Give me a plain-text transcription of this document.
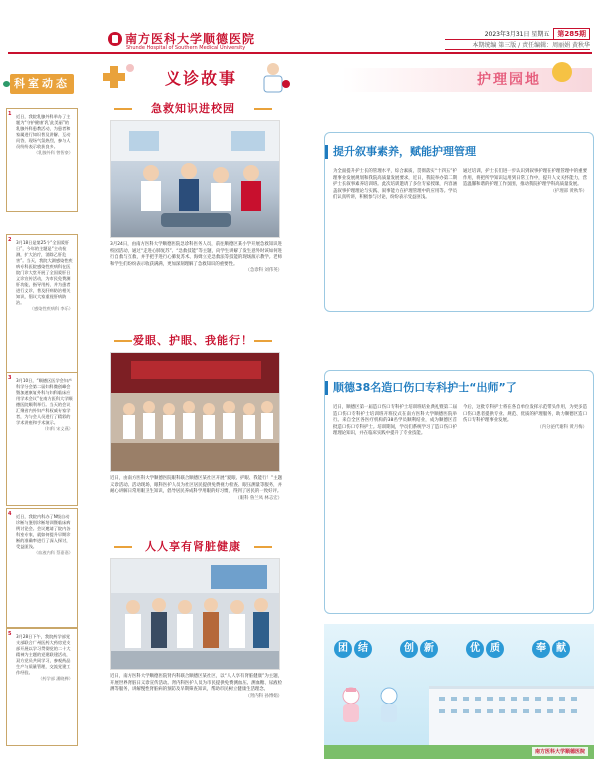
南方医科大学顺德医院
Shunde Hospital of Southern Medical University
2023年3月31日 星期五	第285期
本期统编 第三版 / 责任编辑：周丽娟 黄秋华
科室动态
1 近日，我院乳腺外科举办了主题为“守护健康‘乳’此美丽”的乳腺外科患教活动，为患者和家属进行知识普及讲解、互动问答，现场气氛热烈，参与人员纷纷表示收获良多。
（乳腺外科 曾智豪）
2 3月18日是第25个“全国爱肝日”，今年的主题是“主动检测，扩大治疗，消除乙肝危害”。当天，我院大湖感染性疾病专科医院感染性疾病科在医院门诊大堂开展了全国爱肝日义诊宣传活动，为市民免费测肝功能，指导用药，并为患者进行义诊，普及肝病防治相关知识，倡议大家重视肝病防治。
（感染性疾病科 李乐）
3 3月10日，“顺德区医学会妇产科学分会第二届妇科微创峰会暨加速康复外科与妇科临床应用学术会议”在南方医科大学顺德医院顺利举行。当天的会议汇聚省内外妇产科权威专家学者，为与会人员进行了精彩的学术讲座和手术演示。
（妇科 宋义燕）
4 近日，我院内科办了N级自动诊断与鉴别诊断培训暨临床病例讨论会。会议邀请了院内各科室专家，就如何提升早期诊断的准确率进行了深入探讨，受益匪浅。
（血液内科 蔡嘉嘉）
5 3月28日下午，我院药学部党支部联合广州医药大药房党支部开展以学习贯彻党的二十大精神为主题的党建联建活动，双方党员共同学习，参观药品生产与质量管理，交流党建工作经验。
（药学部 潘晓桦）
义诊故事
急救知识进校园
3月24日，由南方医科大学顺德医院急诊科医务人员，前往顺德区某小学开展急救知识进校园活动，通过“走进心肺复苏”、“急救技能”等主题，向学生讲解了发生意外时该如何进行自救与互救，并手把手进行心肺复苏术、海姆立克急救法等技能的现场演示教学。老师和学生们纷纷表示收获满满，更加深刻理解了急救知识的重要性。
（急诊科 刘伟英）
爱眼、护眼、我能行！
近日，由南方医科大学顺德医院眼科联合顺德区某社区开展“爱眼、护眼、我能行！”主题义诊活动。活动现场，眼科医护人员为社区居民提供免费视力检查、眼压测量等服务，并耐心讲解日常用眼卫生知识，倡导居民养成科学用眼的好习惯，得到了居民的一致好评。
（眼科 鲁兰凤 林志宏）
人人享有肾脏健康
近日，南方医科大学顺德医院肾内科联合顺德区某社区，以“人人享有肾脏健康”为主题，开展世界肾脏日义诊宣传活动。肾内科医护人员为市民提供免费测血压、测血糖、尿液检测等服务，讲解慢性肾脏病的预防及早期筛查知识，帮助市民树立健康生活理念。
（肾内科 孙博娟）
护理园地
提升叙事素养，赋能护理管理
为全面提升护士长的管理水平，综合素质，贯彻落实“十四五”护理事业发展规划和我院高质量发展要求，近日，我院举办第二期护士长叙事素养培训班。此次培训邀请了多位专家授课，内容涵盖叙事护理理论与实践、叙事能力在护理管理中的应用等。学员们认真听讲，积极参与讨论，纷纷表示受益匪浅。
通过培训，护士长们进一步认识到叙事护理在护理管理中的重要作用，将把所学知识运用到日常工作中，提升人文关怀能力，营造温馨和谐的护理工作氛围，推动我院护理学科高质量发展。
（护理部 黄秋华）
顺德38名造口伤口专科护士“出师”了
近日，顺德区第一届造口伤口专科护士培训班结业典礼暨第二届造口伤口专科护士培训班开班仪式在南方医科大学顺德医院举行。来自全区各医疗机构的38名学员顺利结业，成为顺德区首批造口伤口专科护士。培训期间，学员们系统学习了造口伤口护理理论知识，并在临床实践中提升了专业技能。
今后，这批专科护士将在各自单位发挥示范带头作用，为更多造口伤口患者提供专业、规范、优质的护理服务，助力顺德区造口伤口专科护理事业发展。
（内分泌代谢科 黄月梅）
团	结	创	新	优	质	奉	献
南方医科大学顺德医院
